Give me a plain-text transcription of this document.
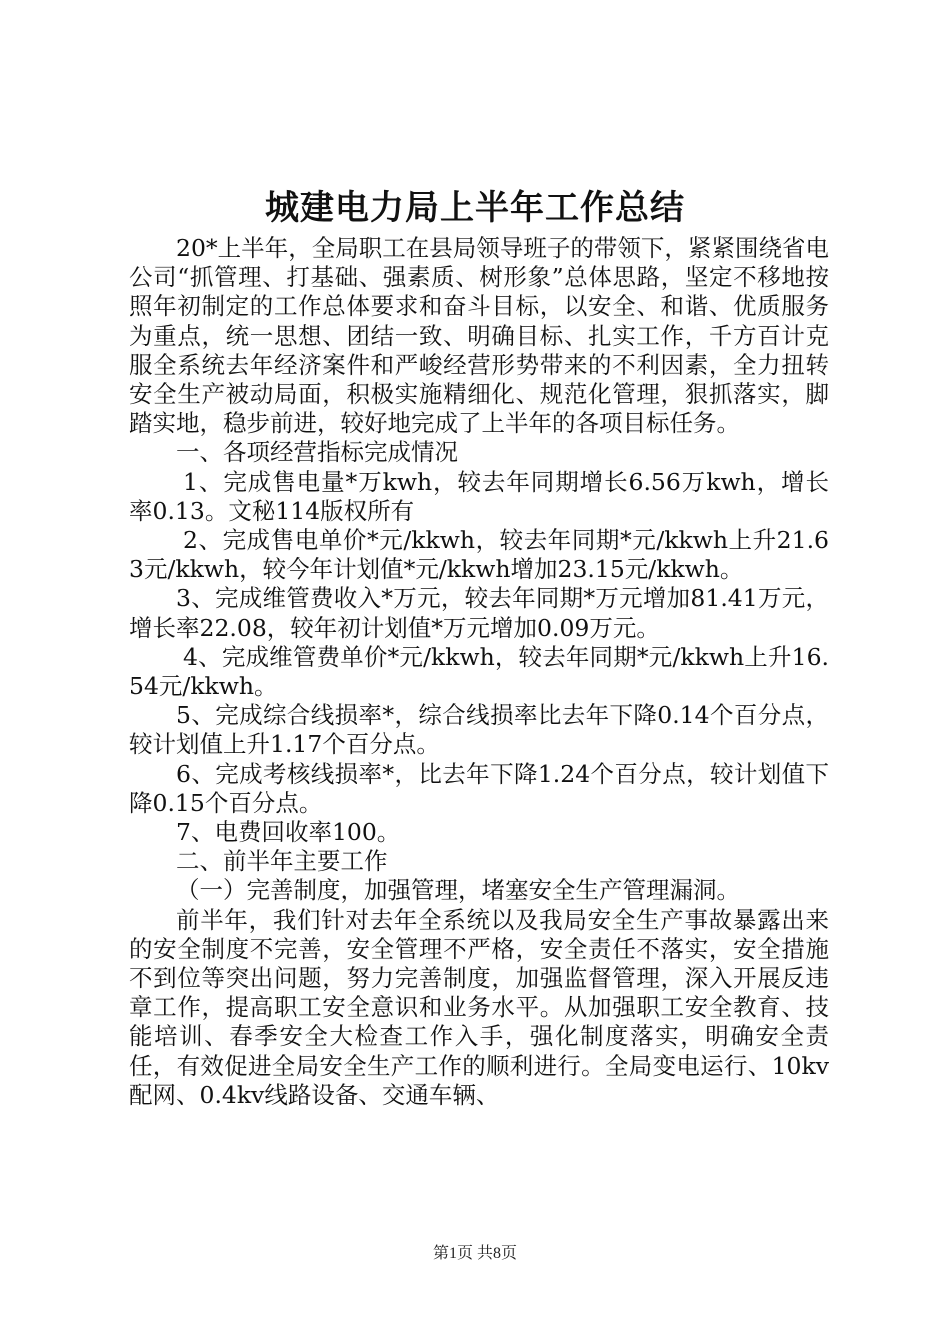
城建电力局上半年工作总结

20*上半年，全局职工在县局领导班子的带领下，紧紧围绕省电公司“抓管理、打基础、强素质、树形象”总体思路，坚定不移地按照年初制定的工作总体要求和奋斗目标，以安全、和谐、优质服务为重点，统一思想、团结一致、明确目标、扎实工作，千方百计克服全系统去年经济案件和严峻经营形势带来的不利因素，全力扭转安全生产被动局面，积极实施精细化、规范化管理，狠抓落实，脚踏实地，稳步前进，较好地完成了上半年的各项目标任务。

一、各项经营指标完成情况

1、完成售电量*万kwh，较去年同期增长6.56万kwh，增长率0.13。文秘114版权所有

2、完成售电单价*元/kkwh，较去年同期*元/kkwh上升21.63元/kkwh，较今年计划值*元/kkwh增加23.15元/kkwh。

3、完成维管费收入*万元，较去年同期*万元增加81.41万元，增长率22.08，较年初计划值*万元增加0.09万元。

4、完成维管费单价*元/kkwh，较去年同期*元/kkwh上升16.54元/kkwh。

5、完成综合线损率*，综合线损率比去年下降0.14个百分点，较计划值上升1.17个百分点。

6、完成考核线损率*，比去年下降1.24个百分点，较计划值下降0.15个百分点。

7、电费回收率100。

二、前半年主要工作

（一）完善制度，加强管理，堵塞安全生产管理漏洞。

前半年，我们针对去年全系统以及我局安全生产事故暴露出来的安全制度不完善，安全管理不严格，安全责任不落实，安全措施不到位等突出问题，努力完善制度，加强监督管理，深入开展反违章工作，提高职工安全意识和业务水平。从加强职工安全教育、技能培训、春季安全大检查工作入手，强化制度落实，明确安全责任，有效促进全局安全生产工作的顺利进行。全局变电运行、10kv配网、0.4kv线路设备、交通车辆、

第1页 共8页
